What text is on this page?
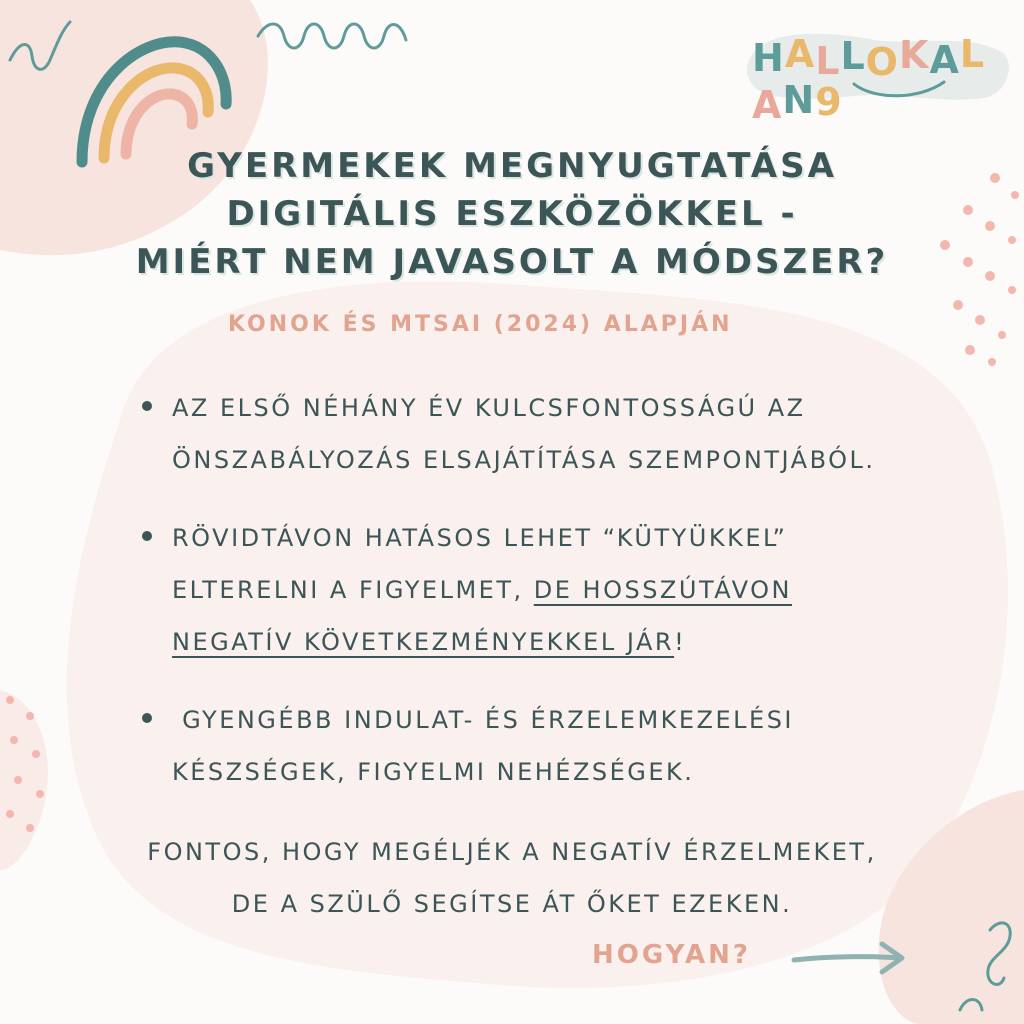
HALLOKALAN9
GYERMEKEK MEGNYUGTATÁSA
DIGITÁLIS ESZKÖZÖKKEL -
MIÉRT NEM JAVASOLT A MÓDSZER?
KONOK ÉS MTSAI (2024) ALAPJÁN
AZ ELSŐ NÉHÁNY ÉV KULCSFONTOSSÁGÚ AZ
ÖNSZABÁLYOZÁS ELSAJÁTÍTÁSA SZEMPONTJÁBÓL.
RÖVIDTÁVON HATÁSOS LEHET “KÜTYÜKKEL”
ELTERELNI A FIGYELMET, DE HOSSZÚTÁVON
NEGATÍV KÖVETKEZMÉNYEKKEL JÁR!
GYENGÉBB INDULAT- ÉS ÉRZELEMKEZELÉSI
KÉSZSÉGEK, FIGYELMI NEHÉZSÉGEK.
FONTOS, HOGY MEGÉLJÉK A NEGATÍV ÉRZELMEKET,
DE A SZÜLŐ SEGÍTSE ÁT ŐKET EZEKEN.
HOGYAN?
